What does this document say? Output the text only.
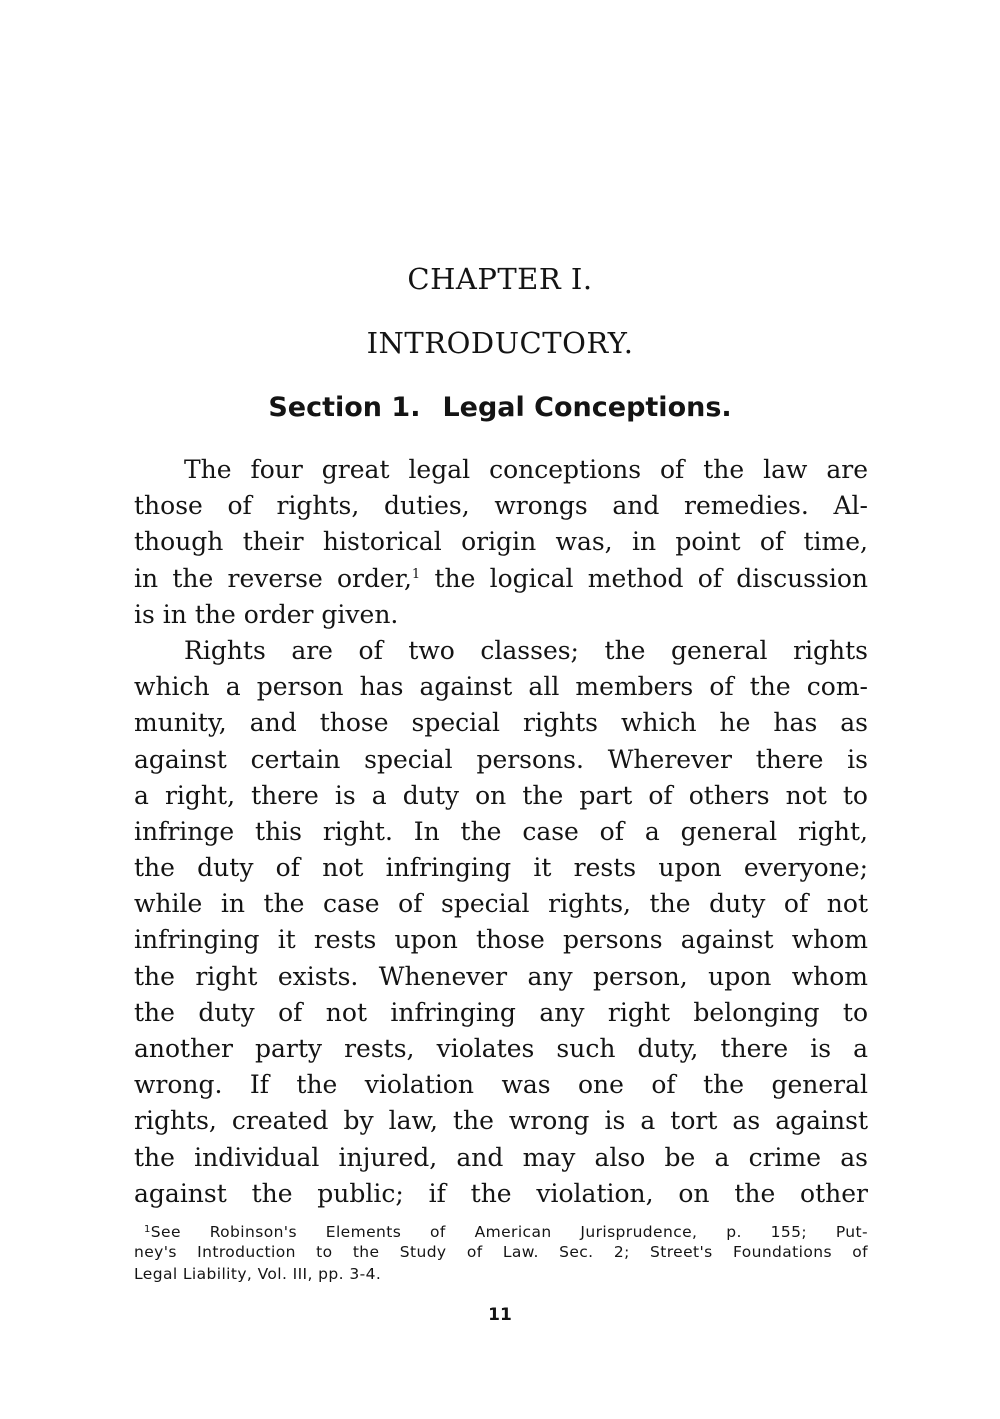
CHAPTER I.
INTRODUCTORY.
Section 1. Legal Conceptions.
The four great legal conceptions of the law are
those of rights, duties, wrongs and remedies. Al-
though their historical origin was, in point of time,
in the reverse order,$^1$ the logical method of discussion
is in the order given.
Rights are of two classes; the general rights
which a person has against all members of the com-
munity, and those special rights which he has as
against certain special persons. Wherever there is
a right, there is a duty on the part of others not to
infringe this right. In the case of a general right,
the duty of not infringing it rests upon everyone;
while in the case of special rights, the duty of not
infringing it rests upon those persons against whom
the right exists. Whenever any person, upon whom
the duty of not infringing any right belonging to
another party rests, violates such duty, there is a
wrong. If the violation was one of the general
rights, created by law, the wrong is a tort as against
the individual injured, and may also be a crime as
against the public; if the violation, on the other
$^1$See Robinson's Elements of American Jurisprudence, p. 155; Put-
ney's Introduction to the Study of Law. Sec. 2; Street's Foundations of
Legal Liability, Vol. III, pp. 3-4.
11
